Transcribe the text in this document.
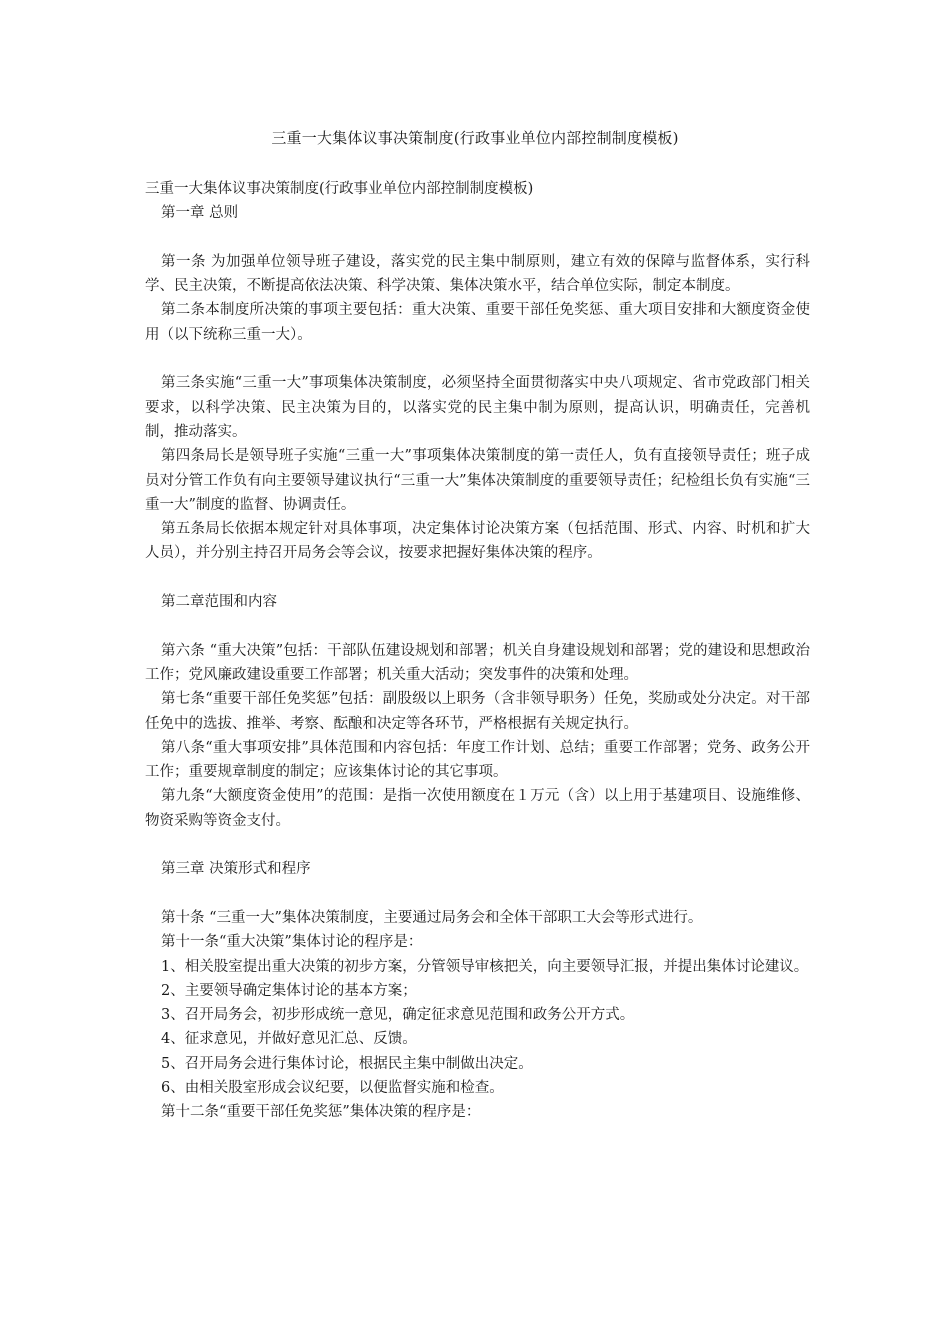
三重一大集体议事决策制度(行政事业单位内部控制制度模板)

三重一大集体议事决策制度(行政事业单位内部控制制度模板)

第一章 总则

第一条 为加强单位领导班子建设，落实党的民主集中制原则，建立有效的保障与监督体系，实行科学、民主决策，不断提高依法决策、科学决策、集体决策水平，结合单位实际，制定本制度。

第二条本制度所决策的事项主要包括：重大决策、重要干部任免奖惩、重大项目安排和大额度资金使用（以下统称三重一大）。

第三条实施“三重一大”事项集体决策制度，必须坚持全面贯彻落实中央八项规定、省市党政部门相关要求，以科学决策、民主决策为目的，以落实党的民主集中制为原则，提高认识，明确责任，完善机制，推动落实。

第四条局长是领导班子实施“三重一大”事项集体决策制度的第一责任人，负有直接领导责任；班子成员对分管工作负有向主要领导建议执行“三重一大”集体决策制度的重要领导责任；纪检组长负有实施“三重一大”制度的监督、协调责任。

第五条局长依据本规定针对具体事项，决定集体讨论决策方案（包括范围、形式、内容、时机和扩大人员），并分别主持召开局务会等会议，按要求把握好集体决策的程序。

第二章范围和内容

第六条 “重大决策”包括：干部队伍建设规划和部署；机关自身建设规划和部署；党的建设和思想政治工作；党风廉政建设重要工作部署；机关重大活动；突发事件的决策和处理。

第七条“重要干部任免奖惩”包括：副股级以上职务（含非领导职务）任免，奖励或处分决定。对干部任免中的选拔、推举、考察、酝酿和决定等各环节，严格根据有关规定执行。

第八条“重大事项安排”具体范围和内容包括：年度工作计划、总结；重要工作部署；党务、政务公开工作；重要规章制度的制定；应该集体讨论的其它事项。

第九条“大额度资金使用”的范围：是指一次使用额度在１万元（含）以上用于基建项目、设施维修、物资采购等资金支付。

第三章 决策形式和程序

第十条 “三重一大”集体决策制度，主要通过局务会和全体干部职工大会等形式进行。

第十一条“重大决策”集体讨论的程序是：

1、相关股室提出重大决策的初步方案，分管领导审核把关，向主要领导汇报，并提出集体讨论建议。

2、主要领导确定集体讨论的基本方案；

3、召开局务会，初步形成统一意见，确定征求意见范围和政务公开方式。

4、征求意见，并做好意见汇总、反馈。

5、召开局务会进行集体讨论，根据民主集中制做出决定。

6、由相关股室形成会议纪要，以便监督实施和检查。

第十二条“重要干部任免奖惩”集体决策的程序是：
